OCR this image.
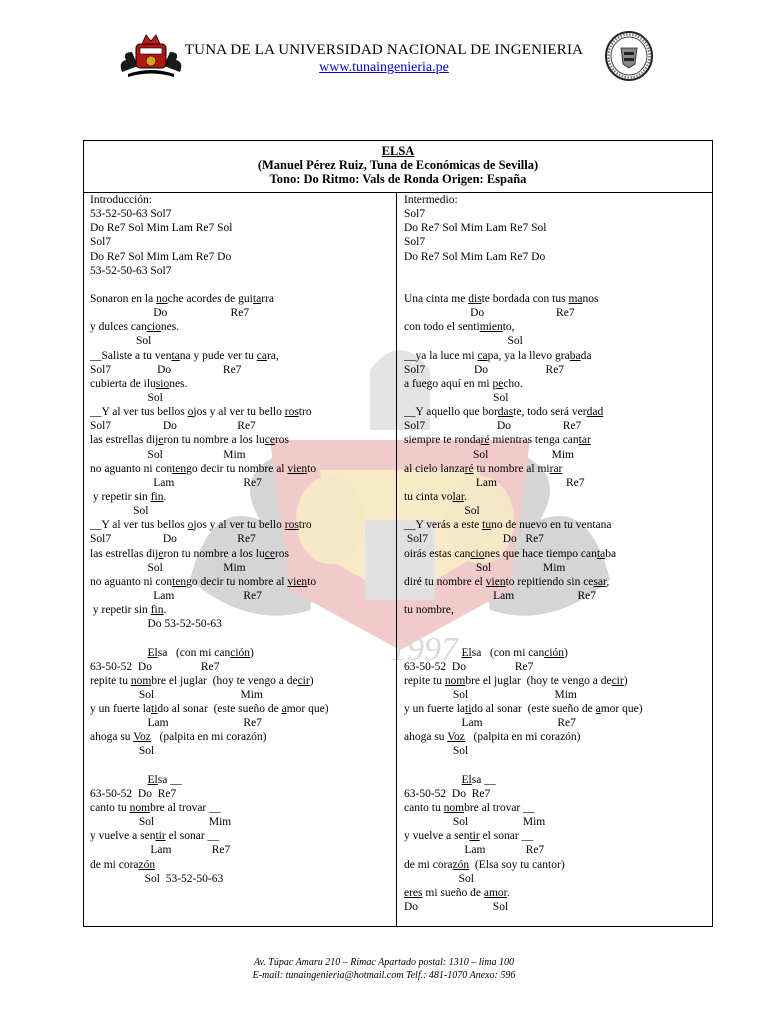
TUNA DE LA UNIVERSIDAD NACIONAL DE INGENIERIA
www.tunaingenieria.pe
1997
ELSA
(Manuel Pérez Ruiz, Tuna de Económicas de Sevilla)
Tono: Do Ritmo: Vals de Ronda Origen: España
Introducción:
53-52-50-63 Sol7
Do Re7 Sol Mim Lam Re7 Sol
Sol7
Do Re7 Sol Mim Lam Re7 Do
53-52-50-63 Sol7

Sonaron en la noche acordes de guitarra
Do                      Re7
y dulces canciones.
Sol
__Saliste a tu ventana y pude ver tu cara,
Sol7                Do                  Re7
cubierta de ilusiones.
Sol
__Y al ver tus bellos ojos y al ver tu bello rostro
Sol7                  Do                     Re7
las estrellas dijeron tu nombre a los luceros
Sol                     Mim
no aguanto ni contengo decir tu nombre al viento
Lam                        Re7
y repetir sin fin.
Sol
__Y al ver tus bellos ojos y al ver tu bello rostro
Sol7                  Do                     Re7
las estrellas dijeron tu nombre a los luceros
Sol                     Mim
no aguanto ni contengo decir tu nombre al viento
Lam                        Re7
y repetir sin fin.
Do 53-52-50-63

Elsa   (con mi canción)
63-50-52  Do                 Re7
repite tu nombre el juglar  (hoy te vengo a decir)
Sol                              Mim
y un fuerte latido al sonar  (este sueño de amor que)
Lam                          Re7
ahoga su Voz   (palpita en mi corazón)
Sol

Elsa __
63-50-52  Do  Re7
canto tu nombre al trovar __
Sol                   Mim
y vuelve a sentir el sonar __
Lam              Re7
de mi corazón
Sol  53-52-50-63
Intermedio:
Sol7
Do Re7 Sol Mim Lam Re7 Sol
Sol7
Do Re7 Sol Mim Lam Re7 Do

Una cinta me diste bordada con tus manos
Do                         Re7
con todo el sentimiento,
Sol
__ya la luce mi capa, ya la llevo grabada
Sol7                 Do                    Re7
a fuego aquí en mi pecho.
Sol
__Y aquello que bordaste, todo será verdad
Sol7                         Do                  Re7
siempre te rondaré mientras tenga cantar
Sol                      Mim
al cielo lanzaré tu nombre al mirar
Lam                        Re7
tu cinta volar.
Sol
__Y verás a este tuno de nuevo en tu ventana
Sol7                          Do   Re7
oirás estas canciones que hace tiempo cantaba
Sol                  Mim
diré tu nombre el viento repitiendo sin cesar,
Lam                      Re7
tu nombre,

Elsa   (con mi canción)
63-50-52  Do                 Re7
repite tu nombre el juglar  (hoy te vengo a decir)
Sol                              Mim
y un fuerte latido al sonar  (este sueño de amor que)
Lam                          Re7
ahoga su Voz   (palpita en mi corazón)
Sol

Elsa __
63-50-52  Do  Re7
canto tu nombre al trovar __
Sol                   Mim
y vuelve a sentir el sonar __
Lam              Re7
de mi corazón  (Elsa soy tu cantor)
Sol
eres mi sueño de amor.
Do                          Sol
Av. Túpac Amaru 210 – Rímac Apartado postal: 1310 – lima 100
E-mail: tunaingenieria@hotmail.com Telf.: 481-1070 Anexo: 596
